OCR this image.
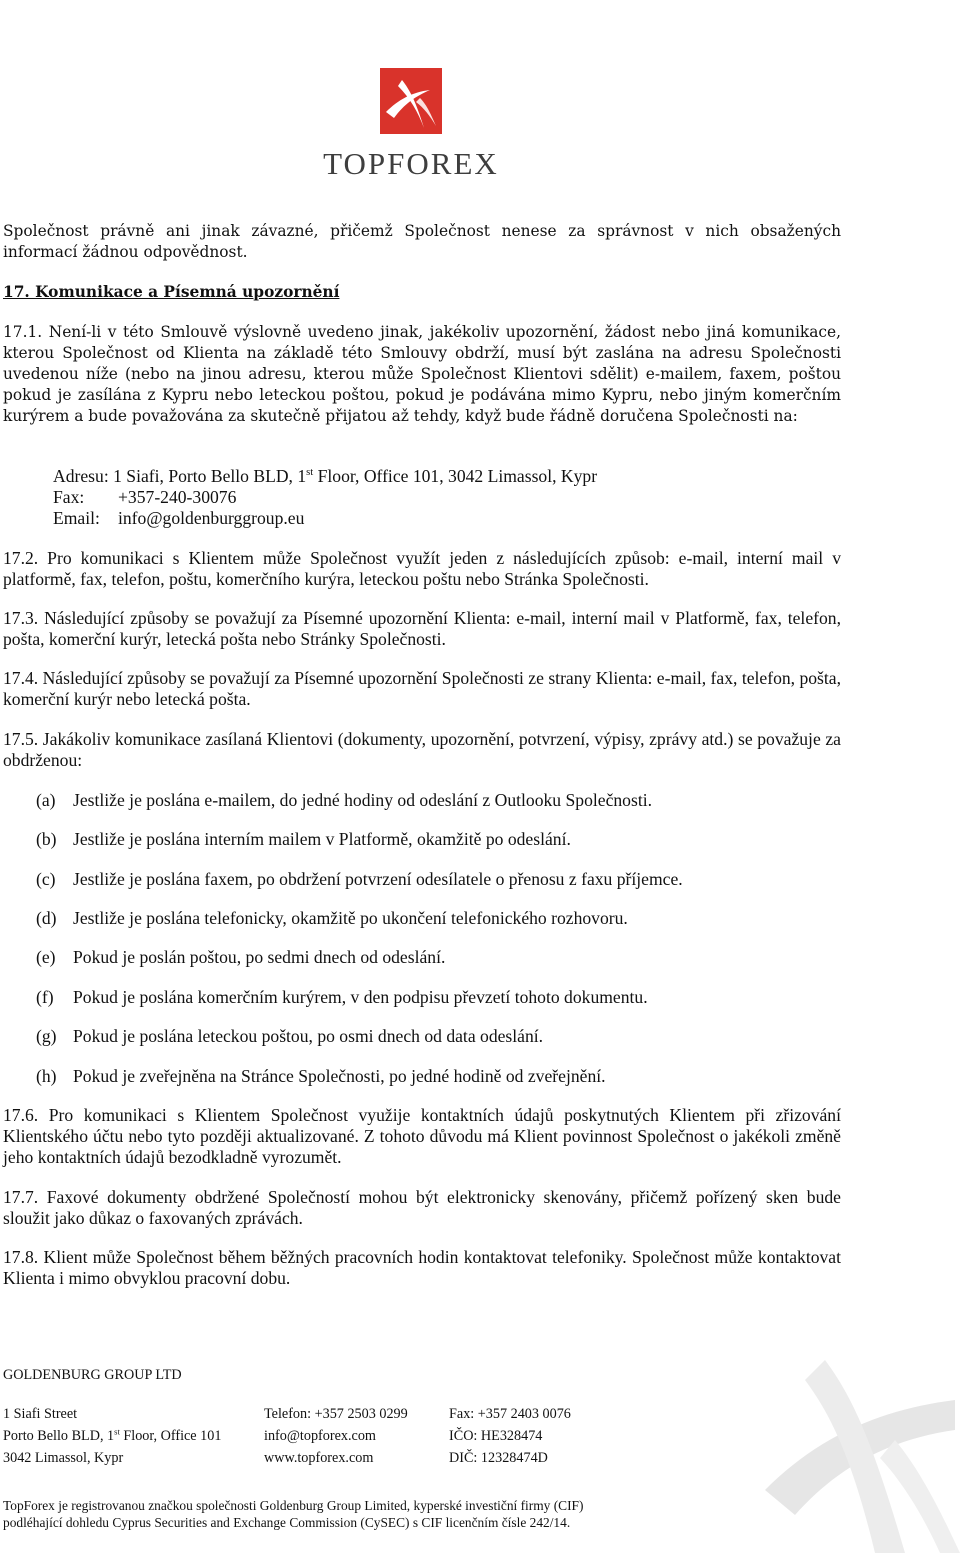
TOPFOREX
Společnost právně ani jinak závazné, přičemž Společnost nenese za správnost v nich obsažených
informací žádnou odpovědnost.
17. Komunikace a Písemná upozornění
17.1. Není-li v této Smlouvě výslovně uvedeno jinak, jakékoliv upozornění, žádost nebo jiná komunikace, kterou Společnost od Klienta na základě této Smlouvy obdrží, musí být zaslána na adresu Společnosti uvedenou níže (nebo na jinou adresu, kterou může Společnost Klientovi sdělit) e-mailem, faxem, poštou pokud je zasílána z Kypru nebo leteckou poštou, pokud je podávána mimo Kypru, nebo jiným komerčním kurýrem a bude považována za skutečně přijatou až tehdy, když bude řádně doručena Společnosti na:
Adresu: 1 Siafi, Porto Bello BLD, 1st Floor, Office 101, 3042 Limassol, Kypr
Fax: +357-240-30076
Email: info@goldenburggroup.eu
17.2. Pro komunikaci s Klientem může Společnost využít jeden z následujících způsob: e-mail, interní mail v platformě, fax, telefon, poštu, komerčního kurýra, leteckou poštu nebo Stránka Společnosti.
17.3. Následující způsoby se považují za Písemné upozornění Klienta: e-mail, interní mail v Platformě, fax, telefon, pošta, komerční kurýr, letecká pošta nebo Stránky Společnosti.
17.4. Následující způsoby se považují za Písemné upozornění Společnosti ze strany Klienta: e-mail, fax, telefon, pošta, komerční kurýr nebo letecká pošta.
17.5. Jakákoliv komunikace zasílaná Klientovi (dokumenty, upozornění, potvrzení, výpisy, zprávy atd.) se považuje za obdrženou:
(a) Jestliže je poslána e-mailem, do jedné hodiny od odeslání z Outlooku Společnosti.
(b) Jestliže je poslána interním mailem v Platformě, okamžitě po odeslání.
(c) Jestliže je poslána faxem, po obdržení potvrzení odesílatele o přenosu z faxu příjemce.
(d) Jestliže je poslána telefonicky, okamžitě po ukončení telefonického rozhovoru.
(e) Pokud je poslán poštou, po sedmi dnech od odeslání.
(f) Pokud je poslána komerčním kurýrem, v den podpisu převzetí tohoto dokumentu.
(g) Pokud je poslána leteckou poštou, po osmi dnech od data odeslání.
(h) Pokud je zveřejněna na Stránce Společnosti, po jedné hodině od zveřejnění.
17.6. Pro komunikaci s Klientem Společnost využije kontaktních údajů poskytnutých Klientem při zřizování Klientského účtu nebo tyto později aktualizované. Z tohoto důvodu má Klient povinnost Společnost o jakékoli změně jeho kontaktních údajů bezodkladně vyrozumět.
17.7. Faxové dokumenty obdržené Společností mohou být elektronicky skenovány, přičemž pořízený sken bude sloužit jako důkaz o faxovaných zprávách.
17.8. Klient může Společnost během běžných pracovních hodin kontaktovat telefoniky. Společnost může kontaktovat Klienta i mimo obvyklou pracovní dobu.
GOLDENBURG GROUP LTD
1 Siafi Street
Porto Bello BLD, 1st Floor, Office 101
3042 Limassol, Kypr
Telefon: +357 2503 0299
info@topforex.com
www.topforex.com
Fax: +357 2403 0076
IČO: HE328474
DIČ: 12328474D
TopForex je registrovanou značkou společnosti Goldenburg Group Limited, kyperské investiční firmy (CIF)
podléhající dohledu Cyprus Securities and Exchange Commission (CySEC) s CIF licenčním čísle 242/14.
